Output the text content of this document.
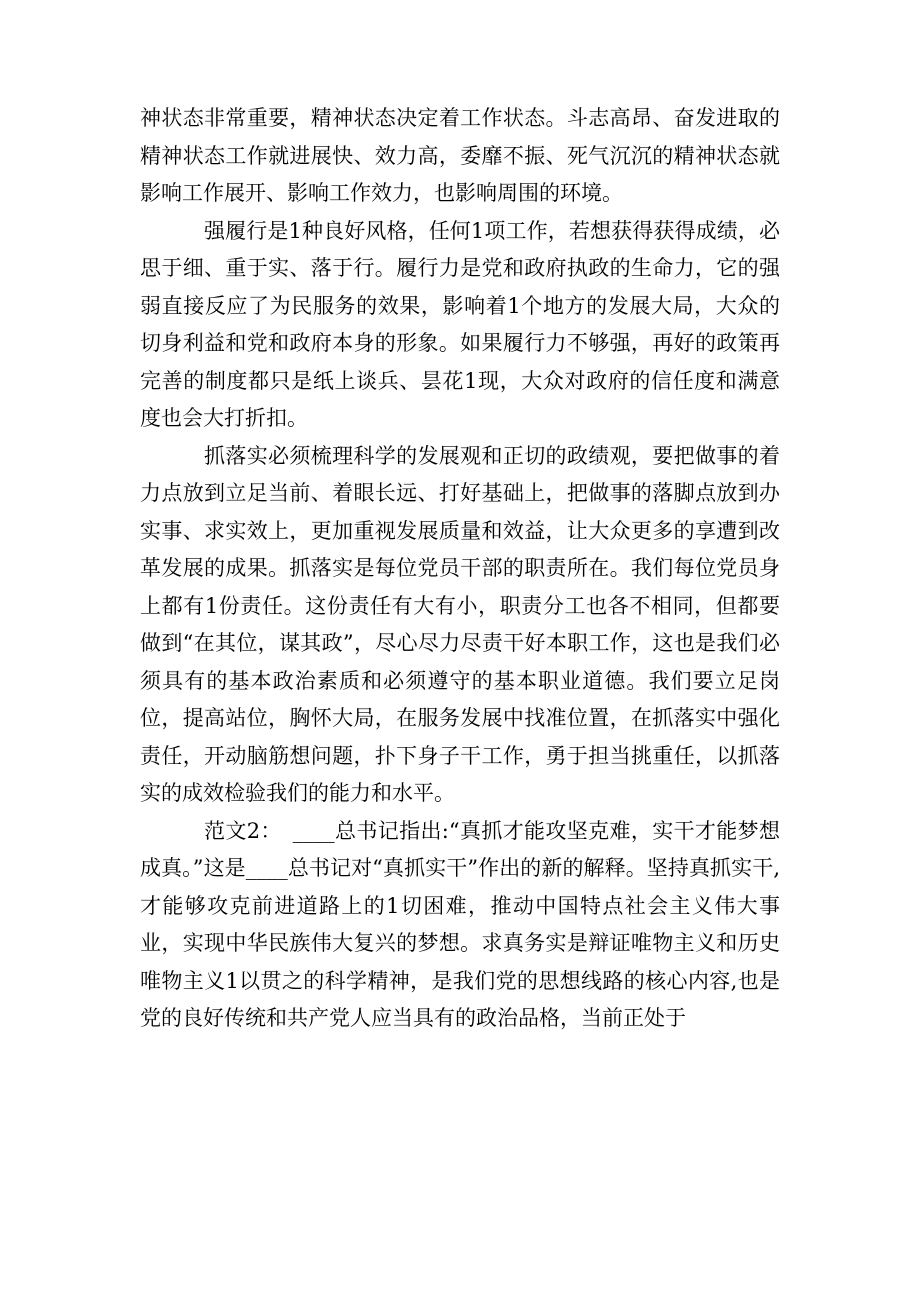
神状态非常重要，精神状态决定着工作状态。斗志高昂、奋发进取的精神状态工作就进展快、效力高，委靡不振、死气沉沉的精神状态就影响工作展开、影响工作效力，也影响周围的环境。

强履行是1种良好风格，任何1项工作，若想获得获得成绩，必思于细、重于实、落于行。履行力是党和政府执政的生命力，它的强弱直接反应了为民服务的效果，影响着1个地方的发展大局，大众的切身利益和党和政府本身的形象。如果履行力不够强，再好的政策再完善的制度都只是纸上谈兵、昙花1现，大众对政府的信任度和满意度也会大打折扣。

抓落实必须梳理科学的发展观和正切的政绩观，要把做事的着力点放到立足当前、着眼长远、打好基础上，把做事的落脚点放到办实事、求实效上，更加重视发展质量和效益，让大众更多的享遭到改革发展的成果。抓落实是每位党员干部的职责所在。我们每位党员身上都有1份责任。这份责任有大有小，职责分工也各不相同，但都要做到“在其位，谋其政”，尽心尽力尽责干好本职工作，这也是我们必须具有的基本政治素质和必须遵守的基本职业道德。我们要立足岗位，提高站位，胸怀大局，在服务发展中找准位置，在抓落实中强化责任，开动脑筋想问题，扑下身子干工作，勇于担当挑重任，以抓落实的成效检验我们的能力和水平。

范文2：　____总书记指出:“真抓才能攻坚克难，实干才能梦想成真。”这是____总书记对“真抓实干”作出的新的解释。坚持真抓实干,才能够攻克前进道路上的1切困难，推动中国特点社会主义伟大事业，实现中华民族伟大复兴的梦想。求真务实是辩证唯物主义和历史唯物主义1以贯之的科学精神，是我们党的思想线路的核心内容,也是党的良好传统和共产党人应当具有的政治品格，当前正处于
